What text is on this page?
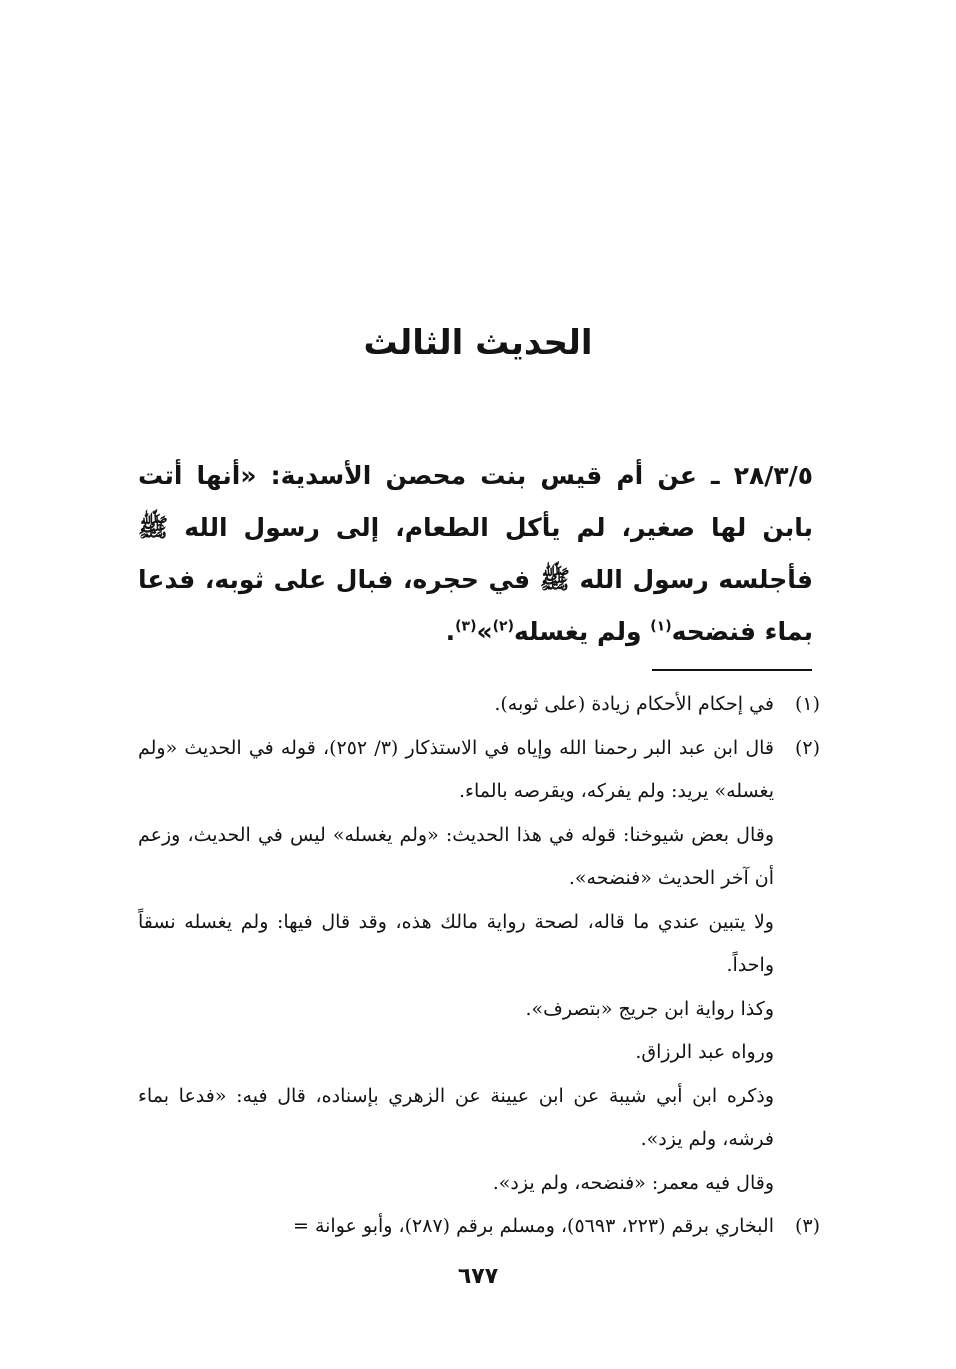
الحديث الثالث

٢٨/٣/٥ ـ عن أم قيس بنت محصن الأسدية: «أنها أتت بابن لها صغير، لم يأكل الطعام، إلى رسول الله ﷺ فأجلسه رسول الله ﷺ في حجره، فبال على ثوبه، فدعا بماء فنضحه$^{(١)}$ ولم يغسله$^{(٢)}$»$^{(٣)}$.

(١)

في إحكام الأحكام زيادة (على ثوبه).

(٢)

قال ابن عبد البر رحمنا الله وإياه في الاستذكار (٣/ ٢٥٢)، قوله في الحديث «ولم يغسله» يريد: ولم يفركه، ويقرصه بالماء.

وقال بعض شيوخنا: قوله في هذا الحديث: «ولم يغسله» ليس في الحديث، وزعم أن آخر الحديث «فنضحه».

ولا يتبين عندي ما قاله، لصحة رواية مالك هذه، وقد قال فيها: ولم يغسله نسقاً واحداً.

وكذا رواية ابن جريج «بتصرف».

ورواه عبد الرزاق.

وذكره ابن أبي شيبة عن ابن عيينة عن الزهري بإسناده، قال فيه: «فدعا بماء فرشه، ولم يزد».

وقال فيه معمر: «فنضحه، ولم يزد».

(٣)

البخاري برقم (٢٢٣، ٥٦٩٣)، ومسلم برقم (٢٨٧)، وأبو عوانة =

٦٧٧
